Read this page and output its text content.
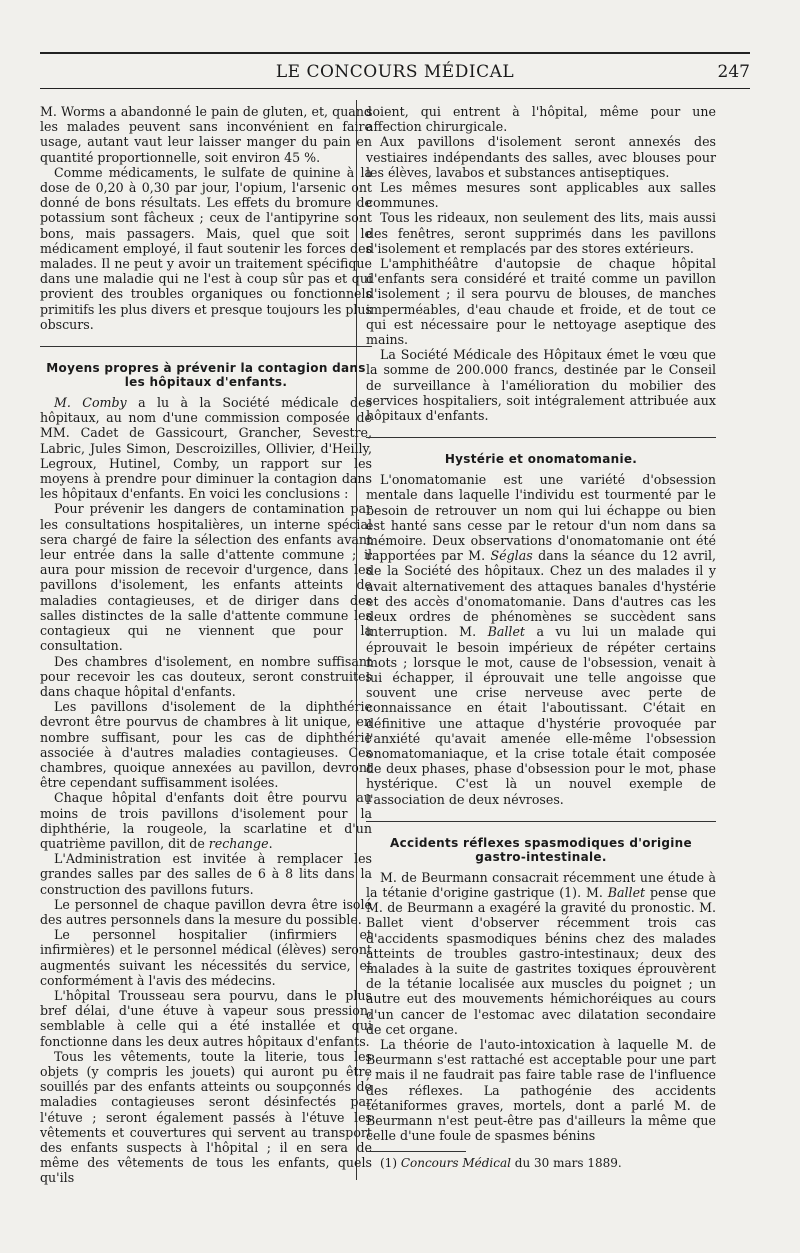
LE CONCOURS MÉDICAL	247

M. Worms a abandonné le pain de gluten, et, quand les malades peuvent sans inconvénient en faire usage, autant vaut leur laisser manger du pain en quantité proportionnelle, soit environ 45 %.

Comme médicaments, le sulfate de quinine à la dose de 0,20 à 0,30 par jour, l'opium, l'arsenic ont donné de bons résultats. Les effets du bromure de potassium sont fâcheux ; ceux de l'antipyrine sont bons, mais passagers. Mais, quel que soit le médicament employé, il faut soutenir les forces des malades. Il ne peut y avoir un traitement spécifique dans une maladie qui ne l'est à coup sûr pas et qui provient des troubles organiques ou fonctionnels primitifs les plus divers et presque toujours les plus obscurs.

Moyens propres à prévenir la contagion dans les hôpitaux d'enfants.

M. Comby a lu à la Société médicale des hôpitaux, au nom d'une commission composée de MM. Cadet de Gassicourt, Grancher, Sevestre, Labric, Jules Simon, Descroizilles, Ollivier, d'Heilly, Legroux, Hutinel, Comby, un rapport sur les moyens à prendre pour diminuer la contagion dans les hôpitaux d'enfants. En voici les conclusions :

Pour prévenir les dangers de contamination par les consultations hospitalières, un interne spécial sera chargé de faire la sélection des enfants avant leur entrée dans la salle d'attente commune ; il aura pour mission de recevoir d'urgence, dans les pavillons d'isolement, les enfants atteints de maladies contagieuses, et de diriger dans des salles distinctes de la salle d'attente commune les contagieux qui ne viennent que pour la consultation.

Des chambres d'isolement, en nombre suffisant pour recevoir les cas douteux, seront construites dans chaque hôpital d'enfants.

Les pavillons d'isolement de la diphthérie devront être pourvus de chambres à lit unique, en nombre suffisant, pour les cas de diphthérie associée à d'autres maladies contagieuses. Ces chambres, quoique annexées au pavillon, devront être cependant suffisamment isolées.

Chaque hôpital d'enfants doit être pourvu au moins de trois pavillons d'isolement pour la diphthérie, la rougeole, la scarlatine et d'un quatrième pavillon, dit de rechange.

L'Administration est invitée à remplacer les grandes salles par des salles de 6 à 8 lits dans la construction des pavillons futurs.

Le personnel de chaque pavillon devra être isolé des autres personnels dans la mesure du possible.

Le personnel hospitalier (infirmiers et infirmières) et le personnel médical (élèves) seront augmentés suivant les nécessités du service, et conformément à l'avis des médecins.

L'hôpital Trousseau sera pourvu, dans le plus bref délai, d'une étuve à vapeur sous pression, semblable à celle qui a été installée et qui fonctionne dans les deux autres hôpitaux d'enfants.

Tous les vêtements, toute la literie, tous les objets (y compris les jouets) qui auront pu être souillés par des enfants atteints ou soupçonnés de maladies contagieuses seront désinfectés par l'étuve ; seront également passés à l'étuve les vêtements et couvertures qui servent au transport des enfants suspects à l'hôpital ; il en sera de même des vêtements de tous les enfants, quels qu'ils

soient, qui entrent à l'hôpital, même pour une affection chirurgicale.

Aux pavillons d'isolement seront annexés des vestiaires indépendants des salles, avec blouses pour les élèves, lavabos et substances antiseptiques.

Les mêmes mesures sont applicables aux salles communes.

Tous les rideaux, non seulement des lits, mais aussi des fenêtres, seront supprimés dans les pavillons d'isolement et remplacés par des stores extérieurs.

L'amphithéâtre d'autopsie de chaque hôpital d'enfants sera considéré et traité comme un pavillon d'isolement ; il sera pourvu de blouses, de manches imperméables, d'eau chaude et froide, et de tout ce qui est nécessaire pour le nettoyage aseptique des mains.

La Société Médicale des Hôpitaux émet le vœu que la somme de 200.000 francs, destinée par le Conseil de surveillance à l'amélioration du mobilier des services hospitaliers, soit intégralement attribuée aux hôpitaux d'enfants.

Hystérie et onomatomanie.

L'onomatomanie est une variété d'obsession mentale dans laquelle l'individu est tourmenté par le besoin de retrouver un nom qui lui échappe ou bien est hanté sans cesse par le retour d'un nom dans sa mémoire. Deux observations d'onomatomanie ont été rapportées par M. Séglas dans la séance du 12 avril, de la Société des hôpitaux. Chez un des malades il y avait alternativement des attaques banales d'hystérie et des accès d'onomatomanie. Dans d'autres cas les deux ordres de phénomènes se succèdent sans interruption. M. Ballet a vu lui un malade qui éprouvait le besoin impérieux de répéter certains mots ; lorsque le mot, cause de l'obsession, venait à lui échapper, il éprouvait une telle angoisse que souvent une crise nerveuse avec perte de connaissance en était l'aboutissant. C'était en définitive une attaque d'hystérie provoquée par l'anxiété qu'avait amenée elle-même l'obsession onomatomaniaque, et la crise totale était composée de deux phases, phase d'obsession pour le mot, phase hystérique. C'est là un nouvel exemple de l'association de deux névroses.

Accidents réflexes spasmodiques d'origine gastro-intestinale.

M. de Beurmann consacrait récemment une étude à la tétanie d'origine gastrique (1). M. Ballet pense que M. de Beurmann a exagéré la gravité du pronostic. M. Ballet vient d'observer récemment trois cas d'accidents spasmodiques bénins chez des malades atteints de troubles gastro-intestinaux; deux des malades à la suite de gastrites toxiques éprouvèrent de la tétanie localisée aux muscles du poignet ; un autre eut des mouvements hémichoréiques au cours d'un cancer de l'estomac avec dilatation secondaire de cet organe.

La théorie de l'auto-intoxication à laquelle M. de Beurmann s'est rattaché est acceptable pour une part ; mais il ne faudrait pas faire table rase de l'influence des réflexes. La pathogénie des accidents tétaniformes graves, mortels, dont a parlé M. de Beurmann n'est peut-être pas d'ailleurs la même que celle d'une foule de spasmes bénins

(1) Concours Médical du 30 mars 1889.
